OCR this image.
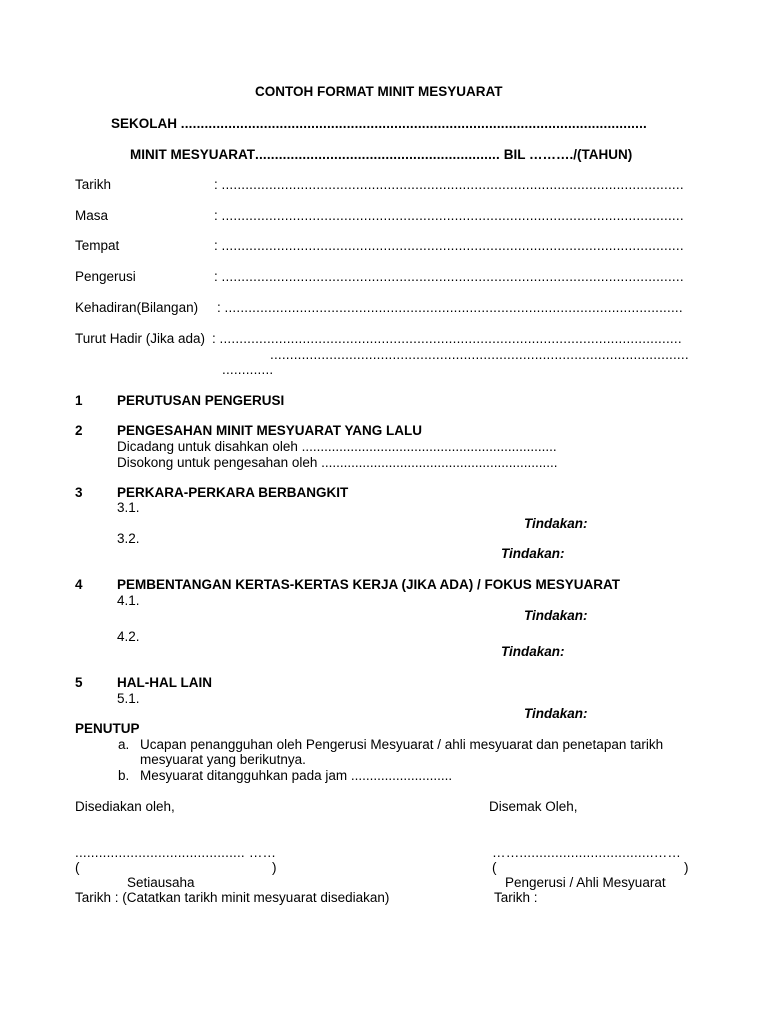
CONTOH FORMAT MINIT MESYUARAT
SEKOLAH ......................................................................................................................
MINIT MESYUARAT.............................................................. BIL ………./(TAHUN)
Tarikh	: .....................................................................................................................
Masa	: .....................................................................................................................
Tempat	: .....................................................................................................................
Pengerusi	: .....................................................................................................................
Kehadiran(Bilangan) : ....................................................................................................................
Turut Hadir (Jika ada) : .....................................................................................................................
..........................................................................................................
.............
1	PERUTUSAN PENGERUSI
2	PENGESAHAN MINIT MESYUARAT YANG LALU
Dicadang untuk disahkan oleh ....................................................................
Disokong untuk pengesahan oleh ...............................................................
3	PERKARA-PERKARA BERBANGKIT
3.1.
Tindakan:
3.2.
Tindakan:
4	PEMBENTANGAN KERTAS-KERTAS KERJA (JIKA ADA) / FOKUS MESYUARAT
4.1.
Tindakan:
4.2.
Tindakan:
5	HAL-HAL LAIN
5.1.
Tindakan:
PENUTUP
a. Ucapan penangguhan oleh Pengerusi Mesyuarat / ahli mesyuarat dan penetapan tarikh
mesyuarat yang berikutnya.
b. Mesyuarat ditangguhkan pada jam ...........................
Disediakan oleh,	Disemak Oleh,
........................................... ……	……..................................……
(	)	(	)
Setiausaha	Pengerusi / Ahli Mesyuarat
Tarikh : (Catatkan tarikh minit mesyuarat disediakan)	Tarikh :
